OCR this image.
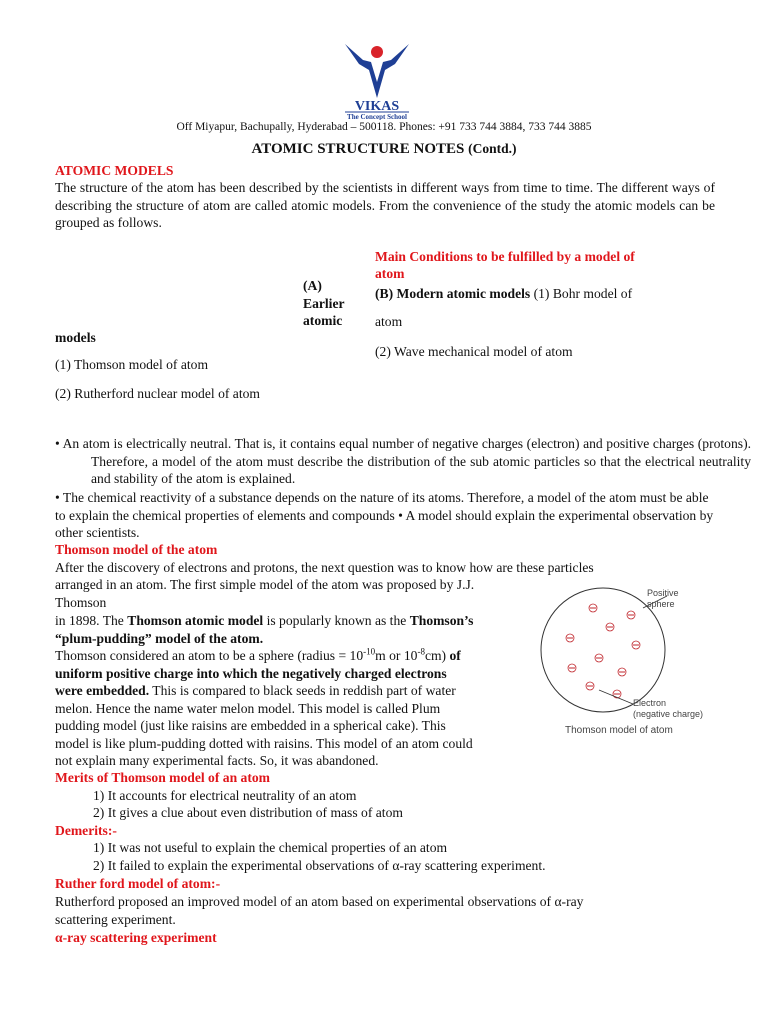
VIKAS
The Concept School
Off Miyapur, Bachupally, Hyderabad – 500118. Phones: +91 733 744 3884, 733 744 3885
ATOMIC STRUCTURE NOTES (Contd.)
ATOMIC MODELS
The structure of the atom has been described by the scientists in different ways from time to time. The different ways of describing the structure of atom are called atomic models. From the convenience of the study the atomic models can be grouped as follows.
Main Conditions to be fulfilled by a model of
atom
(A)
Earlier
atomic
models
(B) Modern atomic models (1) Bohr model of
atom
(2) Wave mechanical model of atom
(1) Thomson model of atom
(2) Rutherford nuclear model of atom
• An atom is electrically neutral. That is, it contains equal number of negative charges (electron) and positive charges (protons). Therefore, a model of the atom must describe the distribution of the sub atomic particles so that the electrical neutrality and stability of the atom is explained.
• The chemical reactivity of a substance depends on the nature of its atoms. Therefore, a model of the atom must be able to explain the chemical properties of elements and compounds • A model should explain the experimental observation by other scientists.
Thomson model of the atom
After the discovery of electrons and protons, the next question was to know how are these particles
arranged in an atom. The first simple model of the atom was proposed by J.J.
Thomson
in 1898. The Thomson atomic model is popularly known as the Thomson’s
“plum-pudding” model of the atom.
Thomson considered an atom to be a sphere (radius = $10^{-10}m$ or $10^{-8}cm$) of
uniform positive charge into which the negatively charged electrons
were embedded. This is compared to black seeds in reddish part of water
melon. Hence the name water melon model. This model is called Plum
pudding model (just like raisins are embedded in a spherical cake). This
model is like plum-pudding dotted with raisins. This model of an atom could
not explain many experimental facts. So, it was abandoned.
Positive
sphere
Electron
(negative charge)
Thomson model of atom
Merits of Thomson model of an atom
1) It accounts for electrical neutrality of an atom
2) It gives a clue about even distribution of mass of atom
Demerits:-
1) It was not useful to explain the chemical properties of an atom
2) It failed to explain the experimental observations of α-ray scattering experiment.
Ruther ford model of atom:-
Rutherford proposed an improved model of an atom based on experimental observations of α-ray
scattering experiment.
α-ray scattering experiment
